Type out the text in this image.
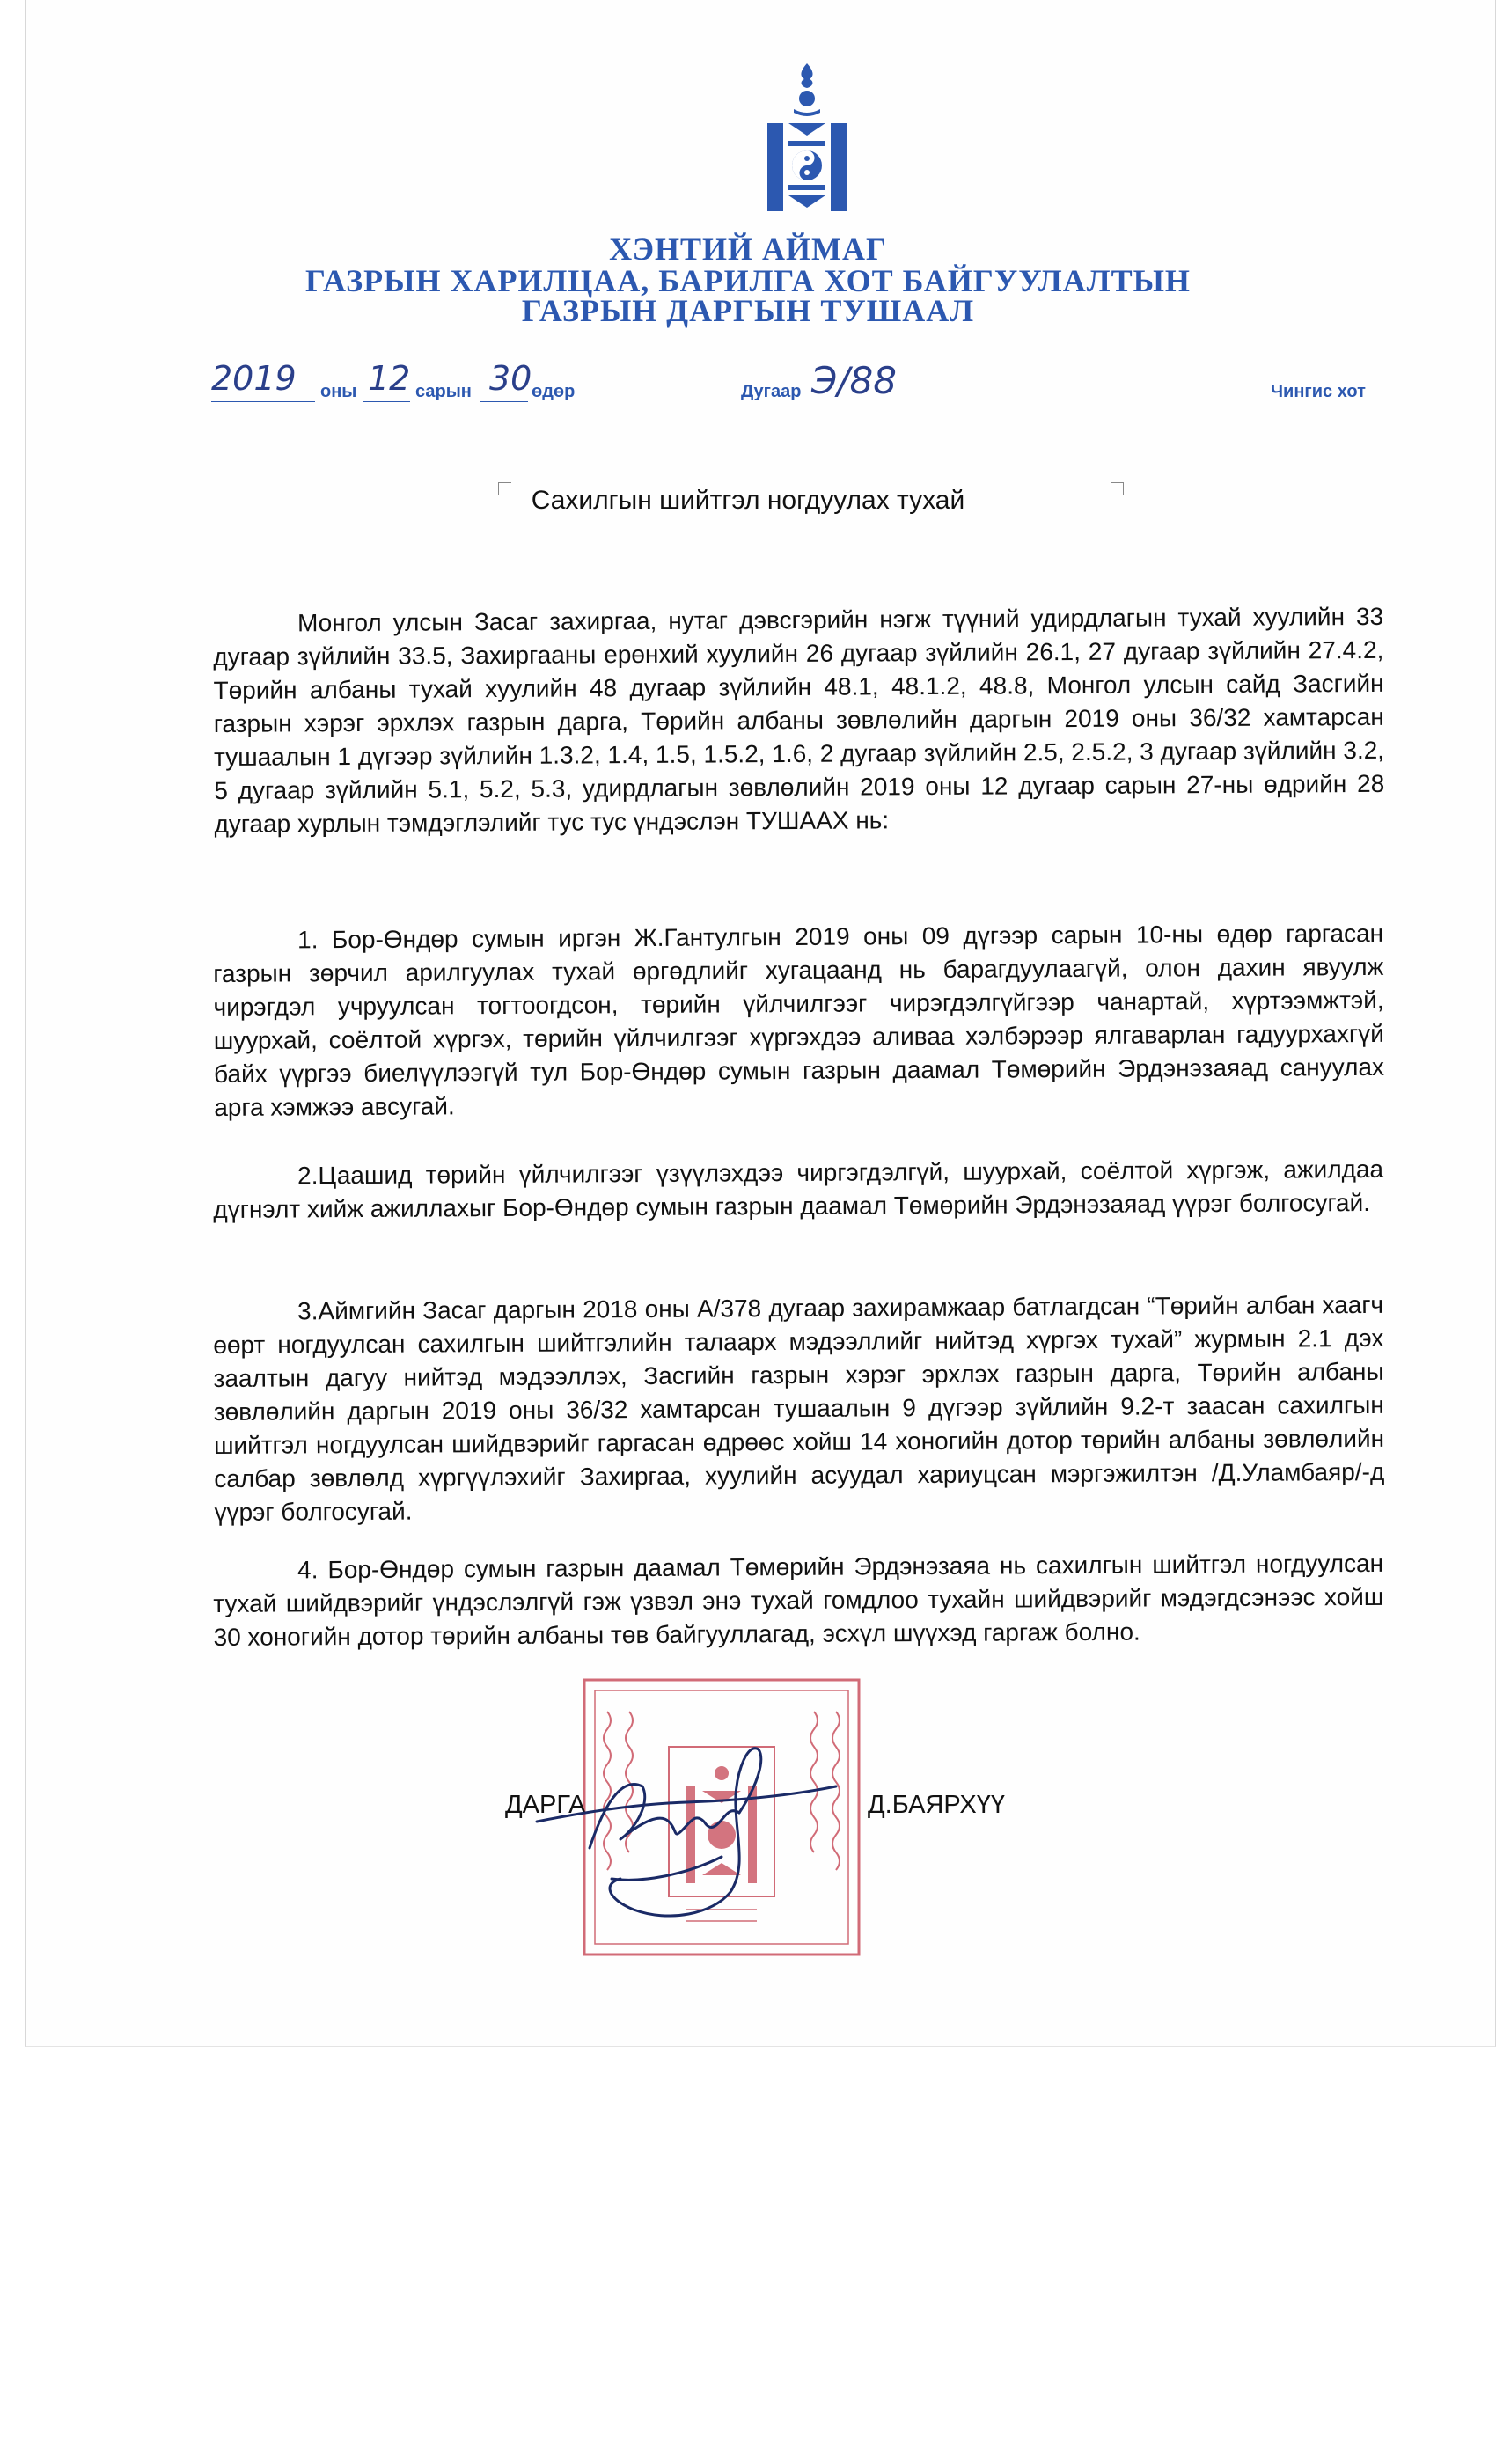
ХЭНТИЙ АЙМАГ
ГАЗРЫН ХАРИЛЦАА, БАРИЛГА ХОТ БАЙГУУЛАЛТЫН
ГАЗРЫН ДАРГЫН ТУШААЛ
2019 оны 12 сарын 30 өдөр	Дугаар Э/88	Чингис хот
Сахилгын шийтгэл ногдуулах тухай
Монгол улсын Засаг захиргаа, нутаг дэвсгэрийн нэгж түүний удирдлагын тухай хуулийн 33 дугаар зүйлийн 33.5, Захиргааны ерөнхий хуулийн 26 дугаар зүйлийн 26.1, 27 дугаар зүйлийн 27.4.2, Төрийн албаны тухай хуулийн 48 дугаар зүйлийн 48.1, 48.1.2, 48.8, Монгол улсын сайд Засгийн газрын хэрэг эрхлэх газрын дарга, Төрийн албаны зөвлөлийн даргын 2019 оны 36/32 хамтарсан тушаалын 1 дүгээр зүйлийн 1.3.2, 1.4, 1.5, 1.5.2, 1.6, 2 дугаар зүйлийн 2.5, 2.5.2, 3 дугаар зүйлийн 3.2, 5 дугаар зүйлийн 5.1, 5.2, 5.3, удирдлагын зөвлөлийн 2019 оны 12 дугаар сарын 27-ны өдрийн 28 дугаар хурлын тэмдэглэлийг тус тус үндэслэн ТУШААХ нь:
1. Бор-Өндөр сумын иргэн Ж.Гантулгын 2019 оны 09 дүгээр сарын 10-ны өдөр гаргасан газрын зөрчил арилгуулах тухай өргөдлийг хугацаанд нь барагдуулаагүй, олон дахин явуулж чирэгдэл учруулсан тогтоогдсон, төрийн үйлчилгээг чирэгдэлгүйгээр чанартай, хүртээмжтэй, шуурхай, соёлтой хүргэх, төрийн үйлчилгээг хүргэхдээ аливаа хэлбэрээр ялгаварлан гадуурхахгүй байх үүргээ биелүүлээгүй тул Бор-Өндөр сумын газрын даамал Төмөрийн Эрдэнэзаяад сануулах арга хэмжээ авсугай.
2.Цаашид төрийн үйлчилгээг үзүүлэхдээ чиргэгдэлгүй, шуурхай, соёлтой хүргэж, ажилдаа дүгнэлт хийж ажиллахыг Бор-Өндөр сумын газрын даамал Төмөрийн Эрдэнэзаяад үүрэг болгосугай.
3.Аймгийн Засаг даргын 2018 оны А/378 дугаар захирамжаар батлагдсан “Төрийн албан хаагч өөрт ногдуулсан сахилгын шийтгэлийн талаарх мэдээллийг нийтэд хүргэх тухай” журмын 2.1 дэх заалтын дагуу нийтэд мэдээллэх, Засгийн газрын хэрэг эрхлэх газрын дарга, Төрийн албаны зөвлөлийн даргын 2019 оны 36/32 хамтарсан тушаалын 9 дүгээр зүйлийн 9.2-т заасан сахилгын шийтгэл ногдуулсан шийдвэрийг гаргасан өдрөөс хойш 14 хоногийн дотор төрийн албаны зөвлөлийн салбар зөвлөлд хүргүүлэхийг Захиргаа, хуулийн асуудал хариуцсан мэргэжилтэн /Д.Уламбаяр/-д үүрэг болгосугай.
4. Бор-Өндөр сумын газрын даамал Төмөрийн Эрдэнэзаяа нь сахилгын шийтгэл ногдуулсан тухай шийдвэрийг үндэслэлгүй гэж үзвэл энэ тухай гомдлоо тухайн шийдвэрийг мэдэгдсэнээс хойш 30 хоногийн дотор төрийн албаны төв байгууллагад, эсхүл шүүхэд гаргаж болно.
ДАРГА	Д.БАЯРХҮҮ
